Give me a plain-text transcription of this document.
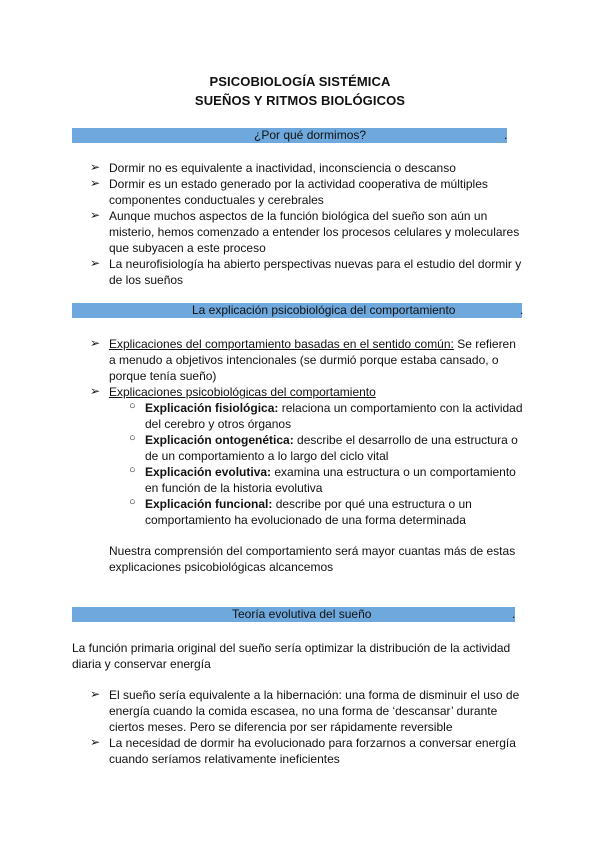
PSICOBIOLOGÍA SISTÉMICA
SUEÑOS Y RITMOS BIOLÓGICOS
¿Por qué dormimos?	.
➢ Dormir no es equivalente a inactividad, inconsciencia o descanso
➢ Dormir es un estado generado por la actividad cooperativa de múltiples
componentes conductuales y cerebrales
➢ Aunque muchos aspectos de la función biológica del sueño son aún un
misterio, hemos comenzado a entender los procesos celulares y moleculares
que subyacen a este proceso
➢ La neurofisiología ha abierto perspectivas nuevas para el estudio del dormir y
de los sueños
La explicación psicobiológica del comportamiento	.
➢ Explicaciones del comportamiento basadas en el sentido común: Se refieren
a menudo a objetivos intencionales (se durmió porque estaba cansado, o
porque tenía sueño)
➢ Explicaciones psicobiológicas del comportamiento
○ Explicación fisiológica: relaciona un comportamiento con la actividad
del cerebro y otros órganos
○ Explicación ontogenética: describe el desarrollo de una estructura o
de un comportamiento a lo largo del ciclo vital
○ Explicación evolutiva: examina una estructura o un comportamiento
en función de la historia evolutiva
○ Explicación funcional: describe por qué una estructura o un
comportamiento ha evolucionado de una forma determinada
Nuestra comprensión del comportamiento será mayor cuantas más de estas
explicaciones psicobiológicas alcancemos
Teoría evolutiva del sueño	.
La función primaria original del sueño sería optimizar la distribución de la actividad
diaria y conservar energía
➢ El sueño sería equivalente a la hibernación: una forma de disminuir el uso de
energía cuando la comida escasea, no una forma de ‘descansar’ durante
ciertos meses. Pero se diferencia por ser rápidamente reversible
➢ La necesidad de dormir ha evolucionado para forzarnos a conversar energía
cuando seríamos relativamente ineficientes
